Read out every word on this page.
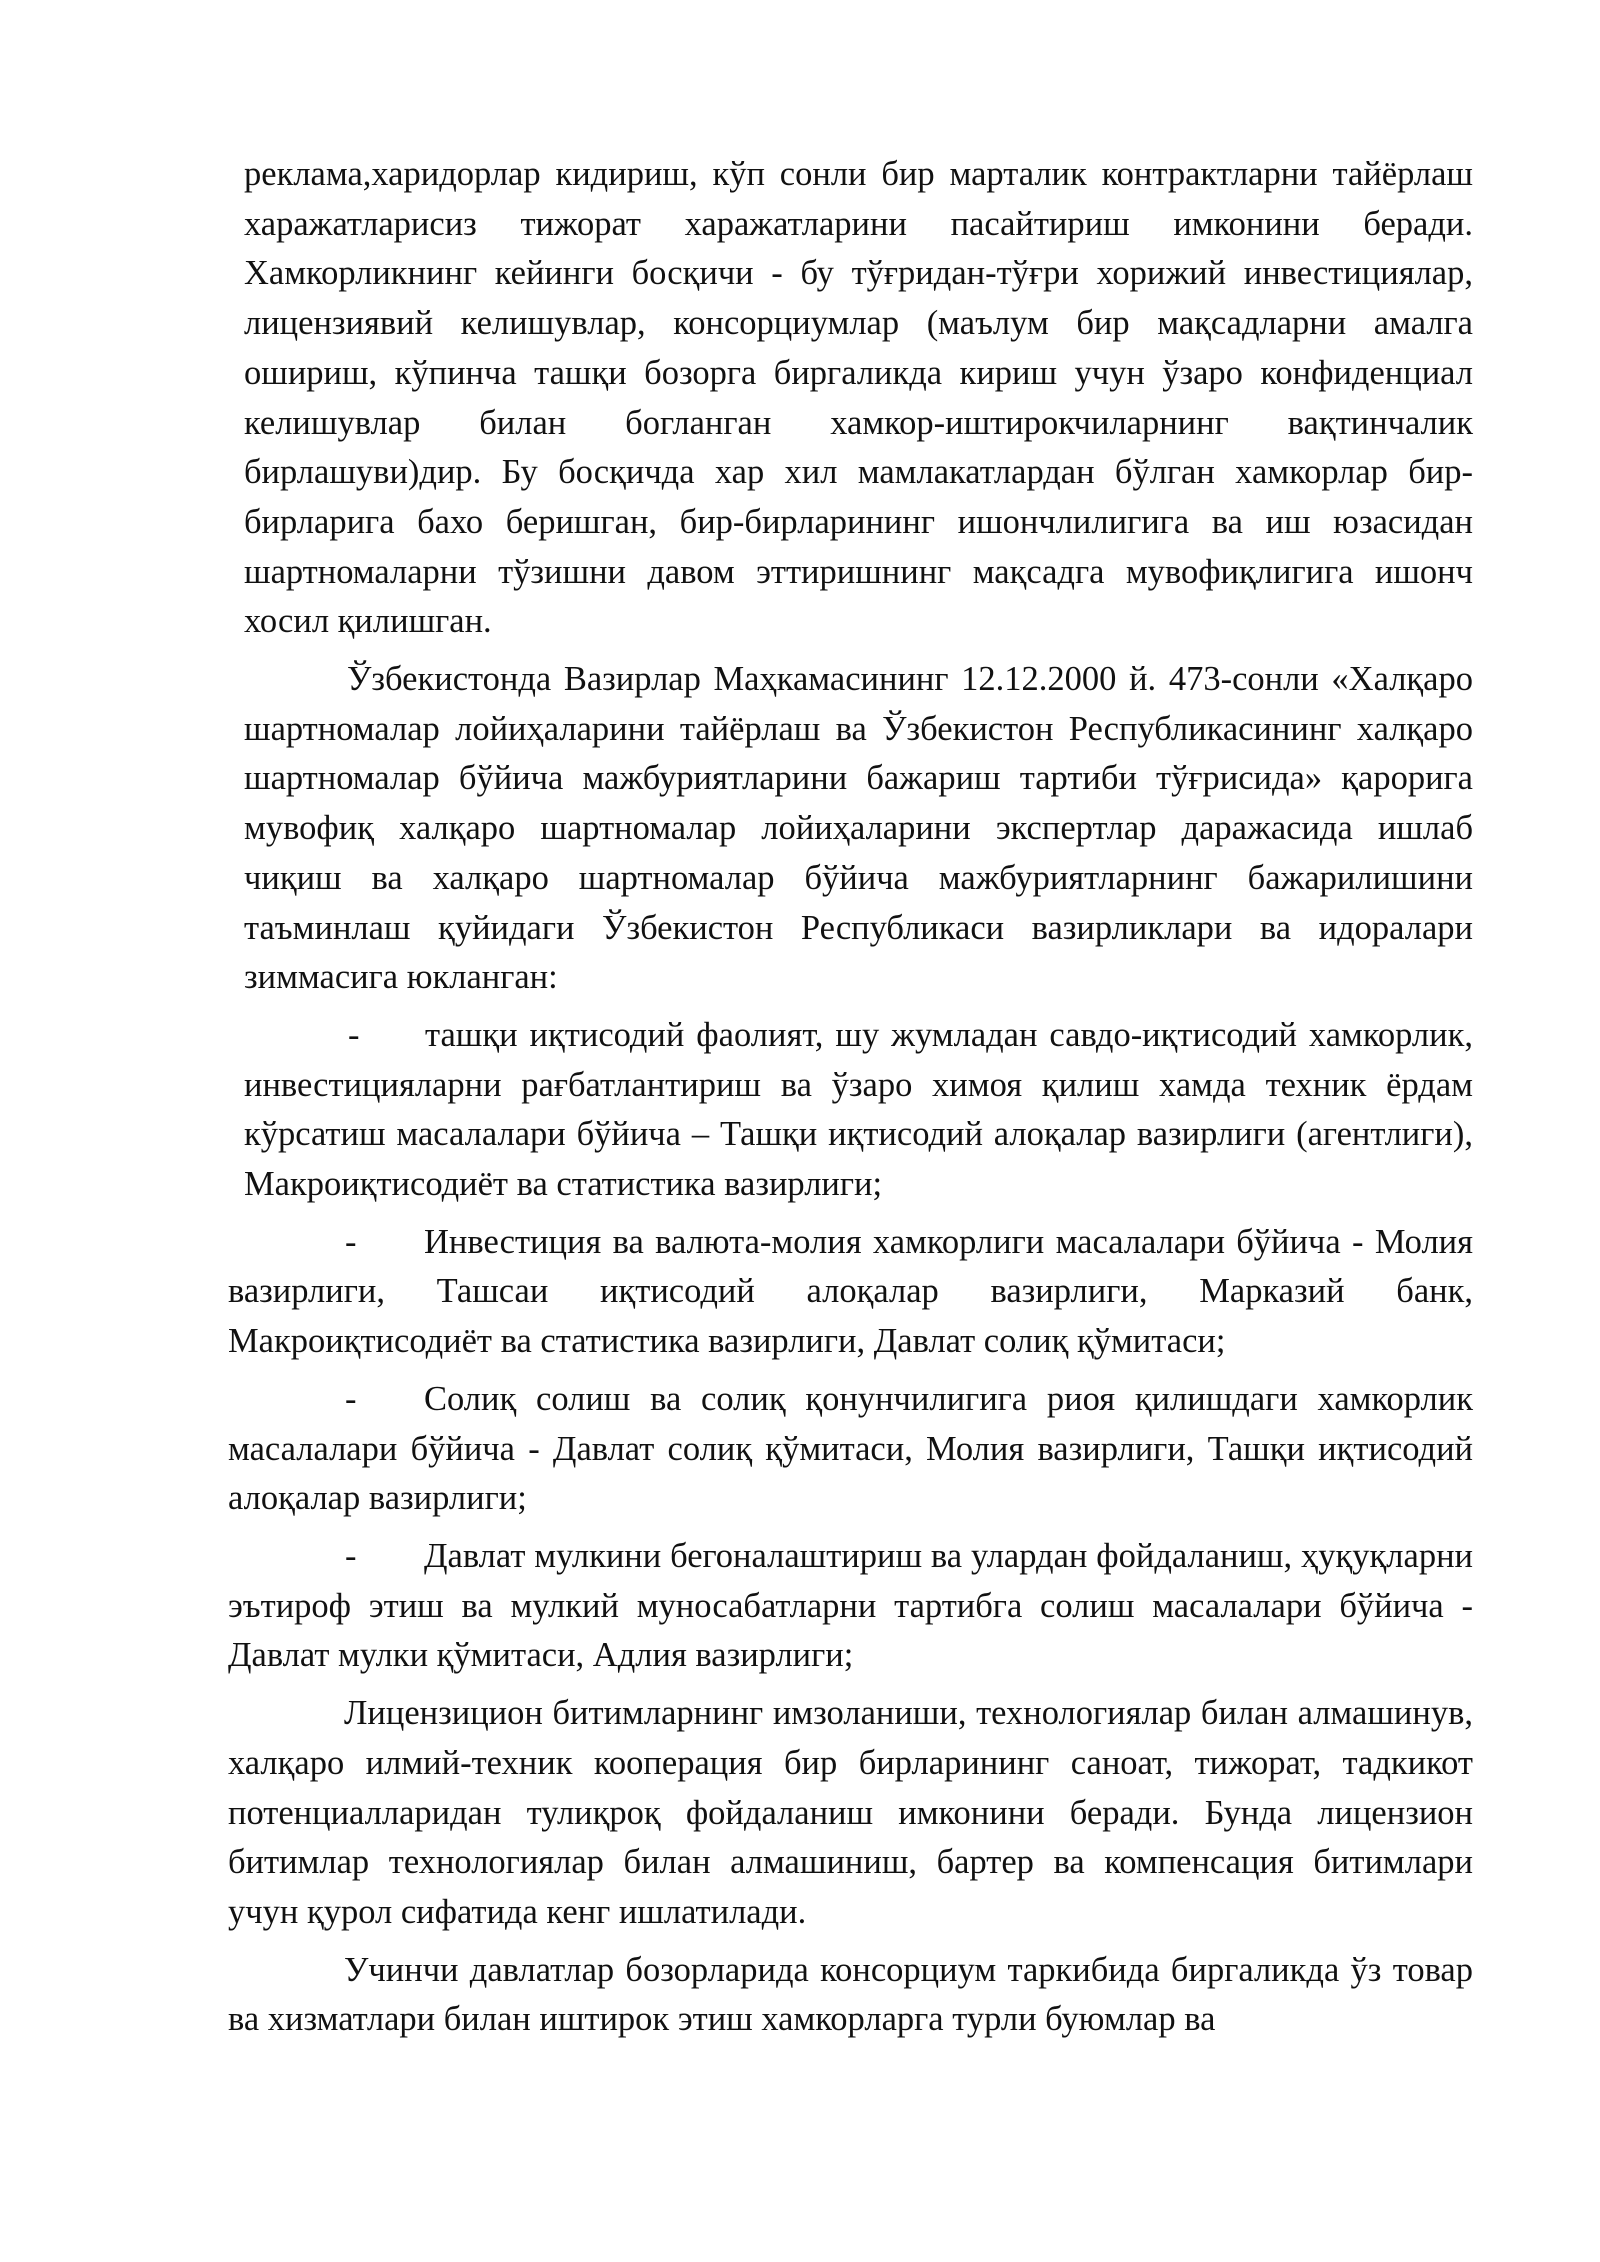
реклама,харидорлар кидириш, кўп сонли бир марталик контрактларни тайёрлаш харажатларисиз тижорат харажатларини пасайтириш имконини беради. Хамкорликнинг кейинги босқичи - бу тўғридан-тўғри хорижий инвестициялар, лицензиявий келишувлар, консорциумлар (маълум бир мақсадларни амалга ошириш, кўпинча ташқи бозорга биргаликда кириш учун ўзаро конфиденциал келишувлар билан богланган хамкор-иштирокчиларнинг вақтинчалик бирлашуви)дир. Бу босқичда хар хил мамлакатлардан бўлган хамкорлар бир-бирларига бахо беришган, бир-бирларининг ишончлилигига ва иш юзасидан шартномаларни тўзишни давом эттиришнинг мақсадга мувофиқлигига ишонч хосил қилишган.

Ўзбекистонда Вазирлар Маҳкамасининг 12.12.2000 й. 473-сонли «Халқаро шартномалар лойиҳаларини тайёрлаш ва Ўзбекистон Республикасининг халқаро шартномалар бўйича мажбуриятларини бажариш тартиби тўғрисида» қарорига мувофиқ халқаро шартномалар лойиҳаларини экспертлар даражасида ишлаб чиқиш ва халқаро шартномалар бўйича мажбуриятларнинг бажарилишини таъминлаш қуйидаги Ўзбекистон Республикаси вазирликлари ва идоралари зиммасига юкланган:

- ташқи иқтисодий фаолият, шу жумладан савдо-иқтисодий хамкорлик, инвестицияларни рағбатлантириш ва ўзаро химоя қилиш хамда техник ёрдам кўрсатиш масалалари бўйича – Ташқи иқтисодий алоқалар вазирлиги (агентлиги), Макроиқтисодиёт ва статистика вазирлиги;

- Инвестиция ва валюта-молия хамкорлиги масалалари бўйича - Молия вазирлиги, Ташсаи иқтисодий алоқалар вазирлиги, Марказий банк, Макроиқтисодиёт ва статистика вазирлиги, Давлат солиқ қўмитаси;

- Солиқ солиш ва солиқ қонунчилигига риоя қилишдаги хамкорлик масалалари бўйича - Давлат солиқ қўмитаси, Молия вазирлиги, Ташқи иқтисодий алоқалар вазирлиги;

- Давлат мулкини бегоналаштириш ва улардан фойдаланиш, ҳуқуқларни эътироф этиш ва мулкий муносабатларни тартибга солиш масалалари бўйича - Давлат мулки қўмитаси, Адлия вазирлиги;

Лицензицион битимларнинг имзоланиши, технологиялар билан алмашинув, халқаро илмий-техник кооперация бир бирларининг саноат, тижорат, тадкикот потенциалларидан тулиқроқ фойдаланиш имконини беради. Бунда лицензион битимлар технологиялар билан алмашиниш, бартер ва компенсация битимлари учун қурол сифатида кенг ишлатилади.

Учинчи давлатлар бозорларида консорциум таркибида биргаликда ўз товар ва хизматлари билан иштирок этиш хамкорларга турли буюмлар ва
